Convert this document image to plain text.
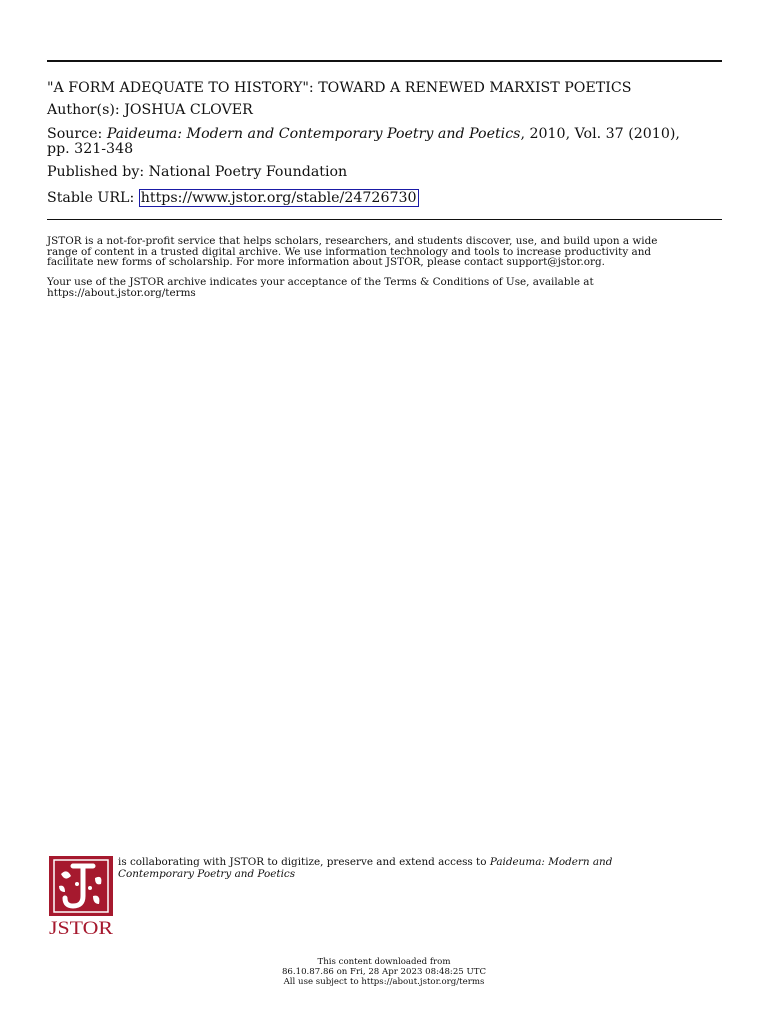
"A FORM ADEQUATE TO HISTORY": TOWARD A RENEWED MARXIST POETICS
Author(s): JOSHUA CLOVER
Source: Paideuma: Modern and Contemporary Poetry and Poetics, 2010, Vol. 37 (2010),
pp. 321-348
Published by: National Poetry Foundation
Stable URL: https://www.jstor.org/stable/24726730
JSTOR is a not-for-profit service that helps scholars, researchers, and students discover, use, and build upon a wide
range of content in a trusted digital archive. We use information technology and tools to increase productivity and
facilitate new forms of scholarship. For more information about JSTOR, please contact support@jstor.org.
Your use of the JSTOR archive indicates your acceptance of the Terms & Conditions of Use, available at
https://about.jstor.org/terms
JSTOR
is collaborating with JSTOR to digitize, preserve and extend access to Paideuma: Modern and
Contemporary Poetry and Poetics
This content downloaded from
86.10.87.86 on Fri, 28 Apr 2023 08:48:25 UTC
All use subject to https://about.jstor.org/terms
